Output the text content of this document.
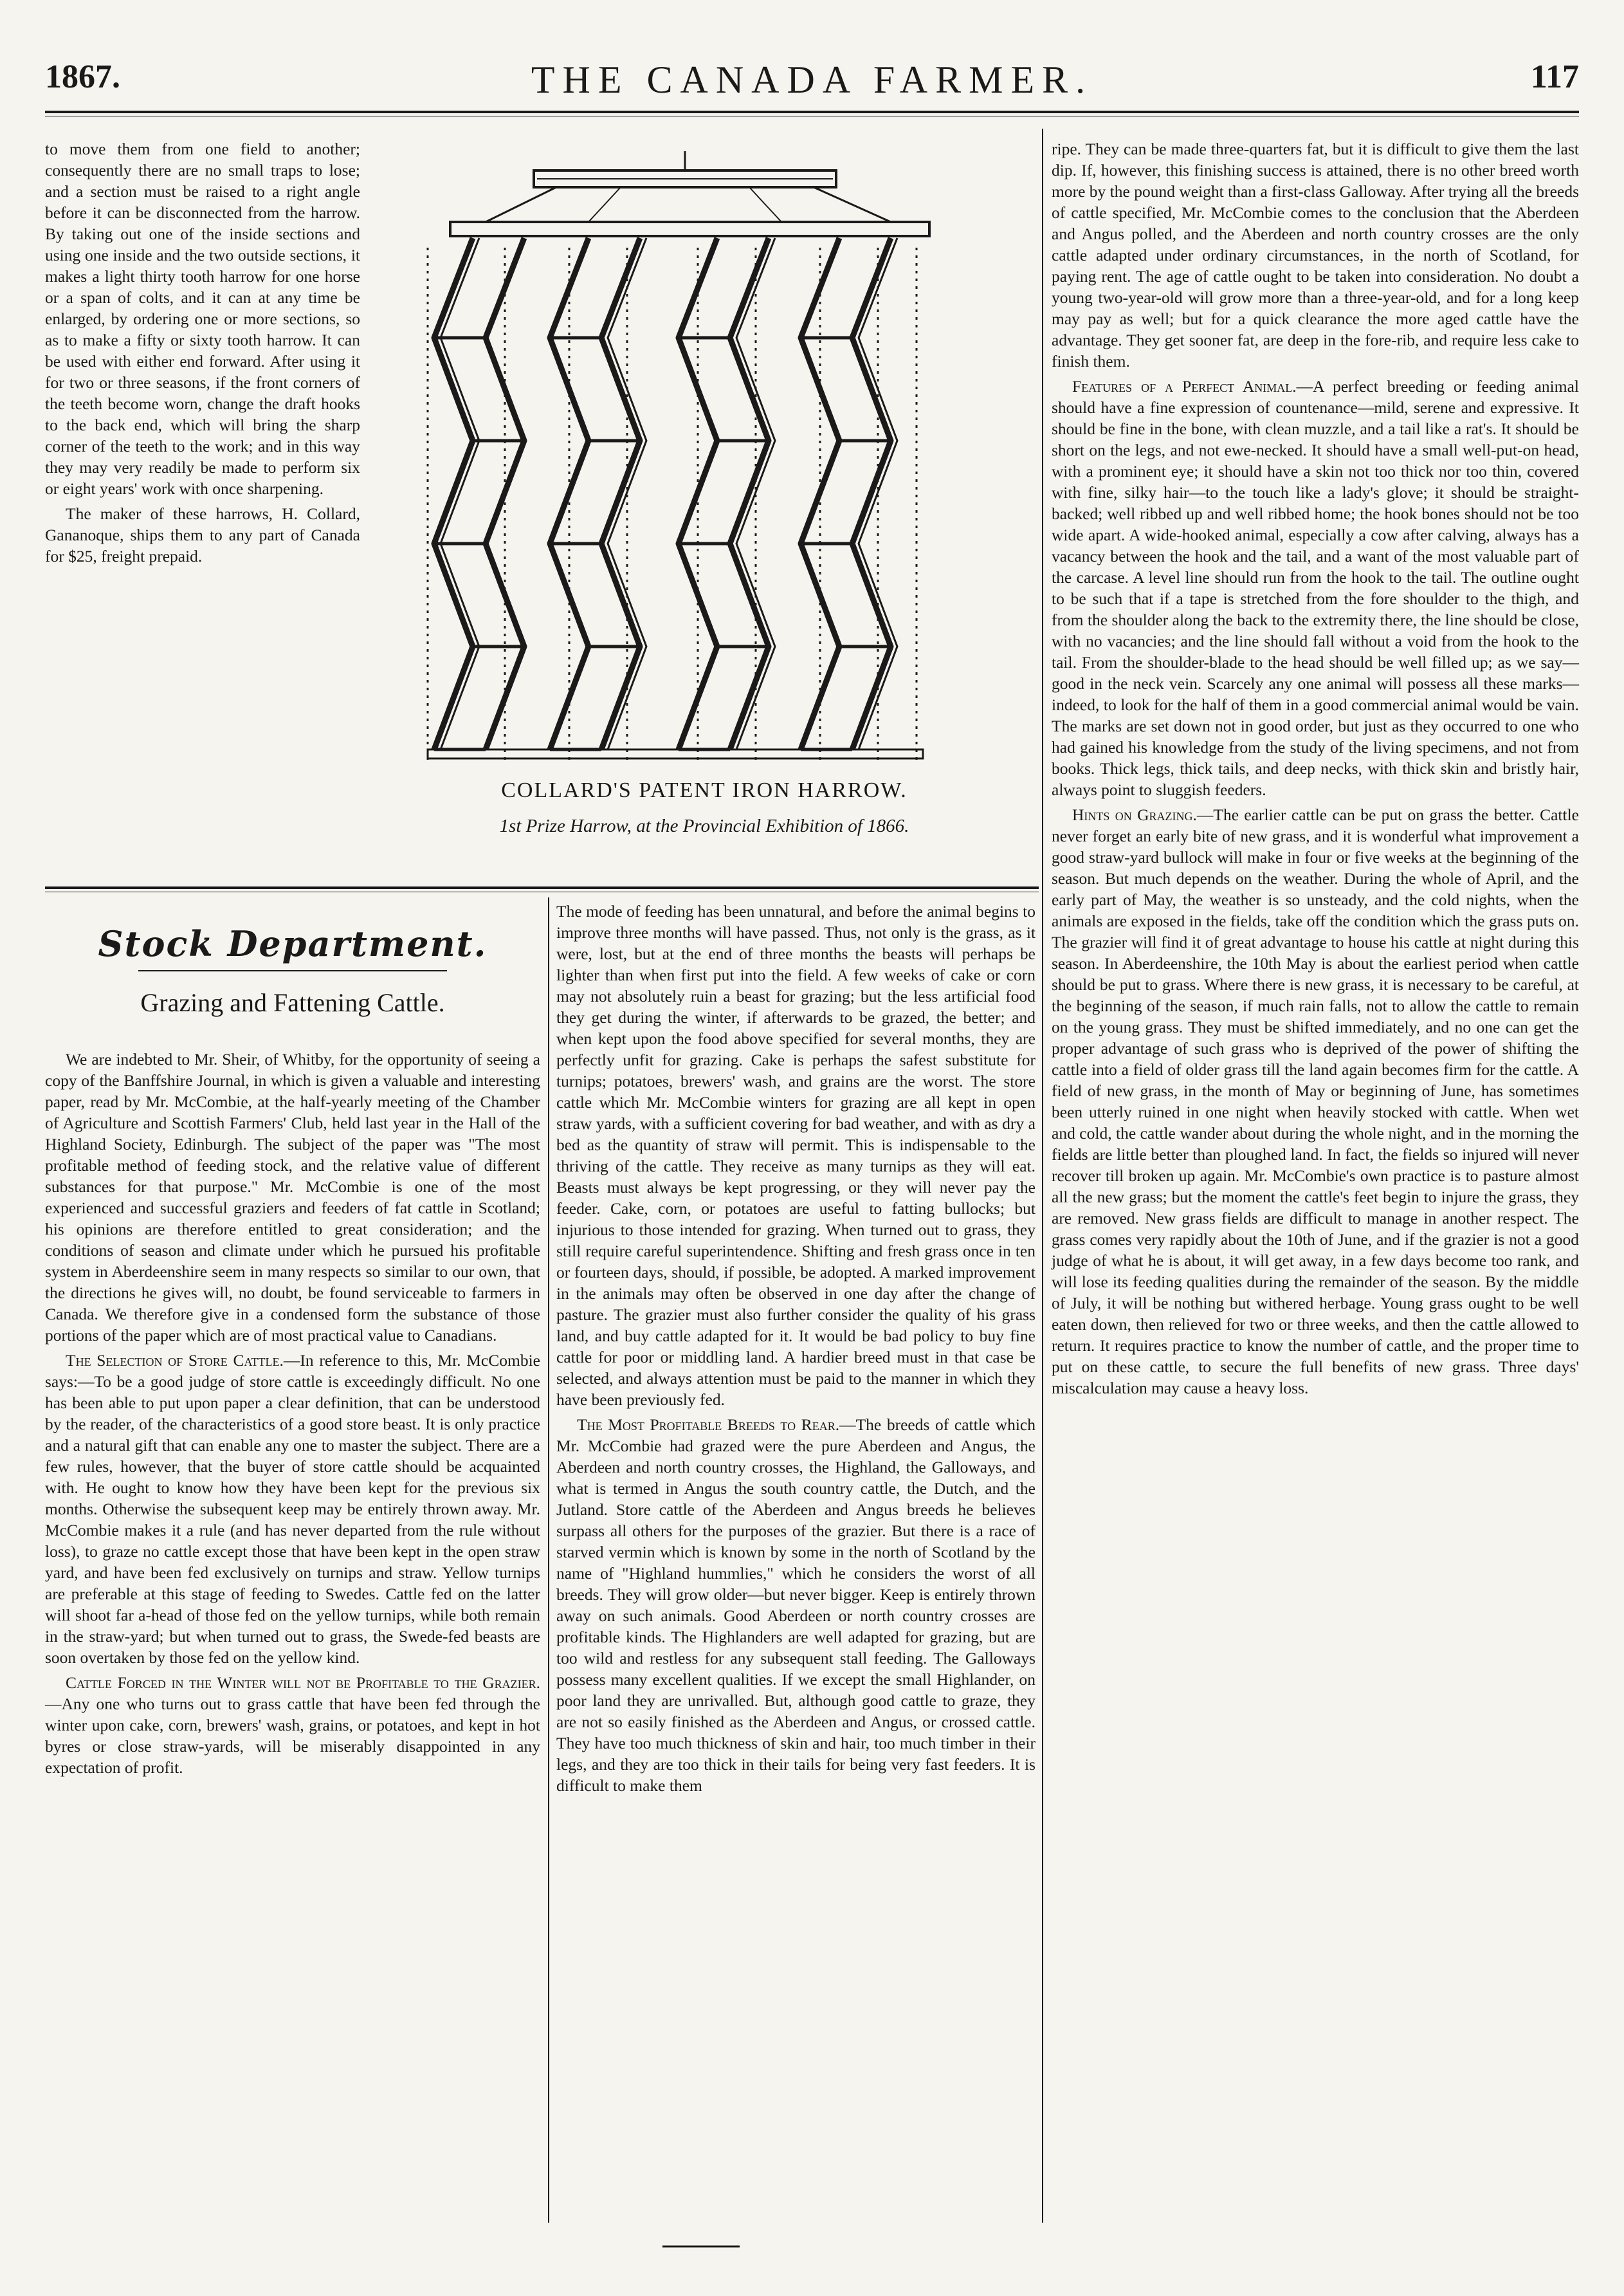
1867.	THE CANADA FARMER.	117

to move them from one field to another; consequently there are no small traps to lose; and a section must be raised to a right angle before it can be disconnected from the harrow. By taking out one of the inside sections and using one inside and the two outside sections, it makes a light thirty tooth harrow for one horse or a span of colts, and it can at any time be enlarged, by ordering one or more sections, so as to make a fifty or sixty tooth harrow. It can be used with either end forward. After using it for two or three seasons, if the front corners of the teeth become worn, change the draft hooks to the back end, which will bring the sharp corner of the teeth to the work; and in this way they may very readily be made to perform six or eight years' work with once sharpening.

The maker of these harrows, H. Collard, Gananoque, ships them to any part of Canada for $25, freight prepaid.

COLLARD'S PATENT IRON HARROW.
1st Prize Harrow, at the Provincial Exhibition of 1866.
Stock Department.
Grazing and Fattening Cattle.

We are indebted to Mr. Sheir, of Whitby, for the opportunity of seeing a copy of the Banffshire Journal, in which is given a valuable and interesting paper, read by Mr. McCombie, at the half-yearly meeting of the Chamber of Agriculture and Scottish Farmers' Club, held last year in the Hall of the Highland Society, Edinburgh. The subject of the paper was "The most profitable method of feeding stock, and the relative value of different substances for that purpose." Mr. McCombie is one of the most experienced and successful graziers and feeders of fat cattle in Scotland; his opinions are therefore entitled to great consideration; and the conditions of season and climate under which he pursued his profitable system in Aberdeenshire seem in many respects so similar to our own, that the directions he gives will, no doubt, be found serviceable to farmers in Canada. We therefore give in a condensed form the substance of those portions of the paper which are of most practical value to Canadians.

The Selection of Store Cattle.—In reference to this, Mr. McCombie says:—To be a good judge of store cattle is exceedingly difficult. No one has been able to put upon paper a clear definition, that can be understood by the reader, of the characteristics of a good store beast. It is only practice and a natural gift that can enable any one to master the subject. There are a few rules, however, that the buyer of store cattle should be acquainted with. He ought to know how they have been kept for the previous six months. Otherwise the subsequent keep may be entirely thrown away. Mr. McCombie makes it a rule (and has never departed from the rule without loss), to graze no cattle except those that have been kept in the open straw yard, and have been fed exclusively on turnips and straw. Yellow turnips are preferable at this stage of feeding to Swedes. Cattle fed on the latter will shoot far a-head of those fed on the yellow turnips, while both remain in the straw-yard; but when turned out to grass, the Swede-fed beasts are soon overtaken by those fed on the yellow kind.

Cattle Forced in the Winter will not be Profitable to the Grazier.—Any one who turns out to grass cattle that have been fed through the winter upon cake, corn, brewers' wash, grains, or potatoes, and kept in hot byres or close straw-yards, will be miserably disappointed in any expectation of profit.

The mode of feeding has been unnatural, and before the animal begins to improve three months will have passed. Thus, not only is the grass, as it were, lost, but at the end of three months the beasts will perhaps be lighter than when first put into the field. A few weeks of cake or corn may not absolutely ruin a beast for grazing; but the less artificial food they get during the winter, if afterwards to be grazed, the better; and when kept upon the food above specified for several months, they are perfectly unfit for grazing. Cake is perhaps the safest substitute for turnips; potatoes, brewers' wash, and grains are the worst. The store cattle which Mr. McCombie winters for grazing are all kept in open straw yards, with a sufficient covering for bad weather, and with as dry a bed as the quantity of straw will permit. This is indispensable to the thriving of the cattle. They receive as many turnips as they will eat. Beasts must always be kept progressing, or they will never pay the feeder. Cake, corn, or potatoes are useful to fatting bullocks; but injurious to those intended for grazing. When turned out to grass, they still require careful superintendence. Shifting and fresh grass once in ten or fourteen days, should, if possible, be adopted. A marked improvement in the animals may often be observed in one day after the change of pasture. The grazier must also further consider the quality of his grass land, and buy cattle adapted for it. It would be bad policy to buy fine cattle for poor or middling land. A hardier breed must in that case be selected, and always attention must be paid to the manner in which they have been previously fed.

The Most Profitable Breeds to Rear.—The breeds of cattle which Mr. McCombie had grazed were the pure Aberdeen and Angus, the Aberdeen and north country crosses, the Highland, the Galloways, and what is termed in Angus the south country cattle, the Dutch, and the Jutland. Store cattle of the Aberdeen and Angus breeds he believes surpass all others for the purposes of the grazier. But there is a race of starved vermin which is known by some in the north of Scotland by the name of "Highland hummlies," which he considers the worst of all breeds. They will grow older—but never bigger. Keep is entirely thrown away on such animals. Good Aberdeen or north country crosses are profitable kinds. The Highlanders are well adapted for grazing, but are too wild and restless for any subsequent stall feeding. The Galloways possess many excellent qualities. If we except the small Highlander, on poor land they are unrivalled. But, although good cattle to graze, they are not so easily finished as the Aberdeen and Angus, or crossed cattle. They have too much thickness of skin and hair, too much timber in their legs, and they are too thick in their tails for being very fast feeders. It is difficult to make them

ripe. They can be made three-quarters fat, but it is difficult to give them the last dip. If, however, this finishing success is attained, there is no other breed worth more by the pound weight than a first-class Galloway. After trying all the breeds of cattle specified, Mr. McCombie comes to the conclusion that the Aberdeen and Angus polled, and the Aberdeen and north country crosses are the only cattle adapted under ordinary circumstances, in the north of Scotland, for paying rent. The age of cattle ought to be taken into consideration. No doubt a young two-year-old will grow more than a three-year-old, and for a long keep may pay as well; but for a quick clearance the more aged cattle have the advantage. They get sooner fat, are deep in the fore-rib, and require less cake to finish them.

Features of a Perfect Animal.—A perfect breeding or feeding animal should have a fine expression of countenance—mild, serene and expressive. It should be fine in the bone, with clean muzzle, and a tail like a rat's. It should be short on the legs, and not ewe-necked. It should have a small well-put-on head, with a prominent eye; it should have a skin not too thick nor too thin, covered with fine, silky hair—to the touch like a lady's glove; it should be straight-backed; well ribbed up and well ribbed home; the hook bones should not be too wide apart. A wide-hooked animal, especially a cow after calving, always has a vacancy between the hook and the tail, and a want of the most valuable part of the carcase. A level line should run from the hook to the tail. The outline ought to be such that if a tape is stretched from the fore shoulder to the thigh, and from the shoulder along the back to the extremity there, the line should be close, with no vacancies; and the line should fall without a void from the hook to the tail. From the shoulder-blade to the head should be well filled up; as we say—good in the neck vein. Scarcely any one animal will possess all these marks—indeed, to look for the half of them in a good commercial animal would be vain. The marks are set down not in good order, but just as they occurred to one who had gained his knowledge from the study of the living specimens, and not from books. Thick legs, thick tails, and deep necks, with thick skin and bristly hair, always point to sluggish feeders.

Hints on Grazing.—The earlier cattle can be put on grass the better. Cattle never forget an early bite of new grass, and it is wonderful what improvement a good straw-yard bullock will make in four or five weeks at the beginning of the season. But much depends on the weather. During the whole of April, and the early part of May, the weather is so unsteady, and the cold nights, when the animals are exposed in the fields, take off the condition which the grass puts on. The grazier will find it of great advantage to house his cattle at night during this season. In Aberdeenshire, the 10th May is about the earliest period when cattle should be put to grass. Where there is new grass, it is necessary to be careful, at the beginning of the season, if much rain falls, not to allow the cattle to remain on the young grass. They must be shifted immediately, and no one can get the proper advantage of such grass who is deprived of the power of shifting the cattle into a field of older grass till the land again becomes firm for the cattle. A field of new grass, in the month of May or beginning of June, has sometimes been utterly ruined in one night when heavily stocked with cattle. When wet and cold, the cattle wander about during the whole night, and in the morning the fields are little better than ploughed land. In fact, the fields so injured will never recover till broken up again. Mr. McCombie's own practice is to pasture almost all the new grass; but the moment the cattle's feet begin to injure the grass, they are removed. New grass fields are difficult to manage in another respect. The grass comes very rapidly about the 10th of June, and if the grazier is not a good judge of what he is about, it will get away, in a few days become too rank, and will lose its feeding qualities during the remainder of the season. By the middle of July, it will be nothing but withered herbage. Young grass ought to be well eaten down, then relieved for two or three weeks, and then the cattle allowed to return. It requires practice to know the number of cattle, and the proper time to put on these cattle, to secure the full benefits of new grass. Three days' miscalculation may cause a heavy loss.
